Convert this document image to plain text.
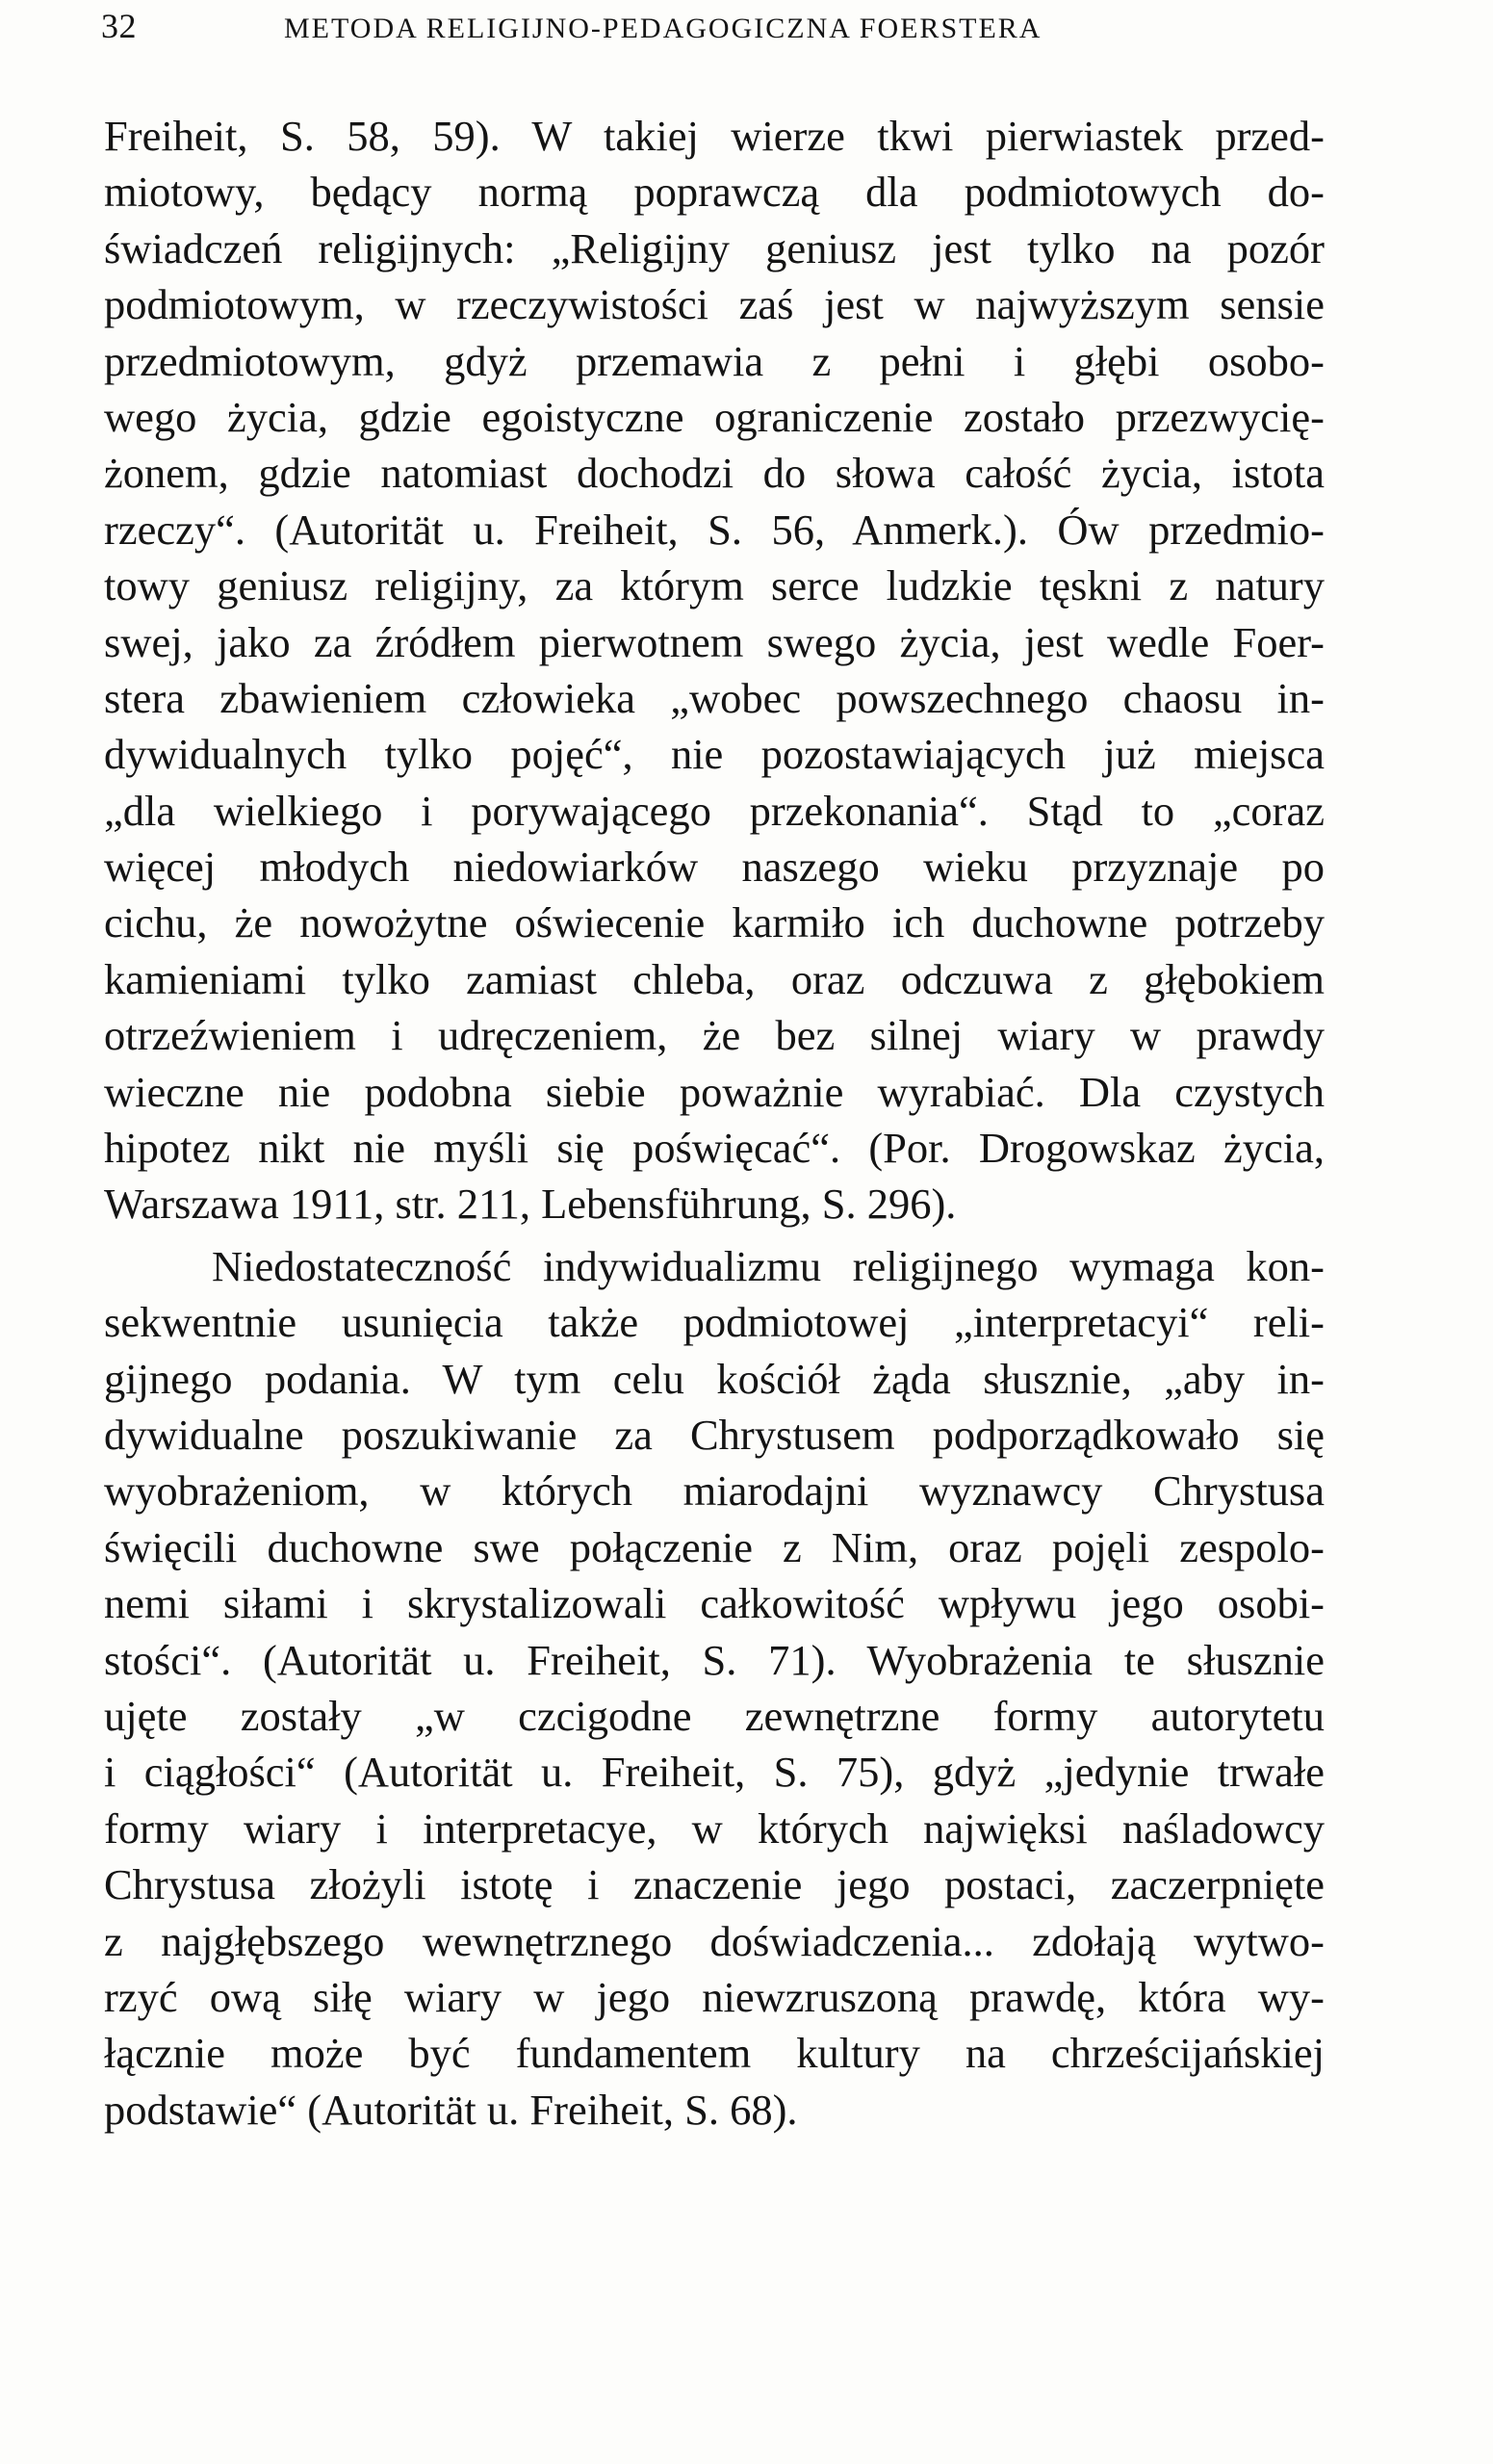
32	METODA RELIGIJNO-PEDAGOGICZNA FOERSTERA
Freiheit, S. 58, 59). W takiej wierze tkwi pierwiastek przed-
miotowy, będący normą poprawczą dla podmiotowych do-
świadczeń religijnych: „Religijny geniusz jest tylko na pozór
podmiotowym, w rzeczywistości zaś jest w najwyższym sensie
przedmiotowym, gdyż przemawia z pełni i głębi osobo-
wego życia, gdzie egoistyczne ograniczenie zostało przezwycię-
żonem, gdzie natomiast dochodzi do słowa całość życia, istota
rzeczy“. (Autorität u. Freiheit, S. 56, Anmerk.). Ów przedmio-
towy geniusz religijny, za którym serce ludzkie tęskni z natury
swej, jako za źródłem pierwotnem swego życia, jest wedle Foer-
stera zbawieniem człowieka „wobec powszechnego chaosu in-
dywidualnych tylko pojęć“, nie pozostawiających już miejsca
„dla wielkiego i porywającego przekonania“. Stąd to „coraz
więcej młodych niedowiarków naszego wieku przyznaje po
cichu, że nowożytne oświecenie karmiło ich duchowne potrzeby
kamieniami tylko zamiast chleba, oraz odczuwa z głębokiem
otrzeźwieniem i udręczeniem, że bez silnej wiary w prawdy
wieczne nie podobna siebie poważnie wyrabiać. Dla czystych
hipotez nikt nie myśli się poświęcać“. (Por. Drogowskaz życia,
Warszawa 1911, str. 211, Lebensführung, S. 296).
Niedostateczność indywidualizmu religijnego wymaga kon-
sekwentnie usunięcia także podmiotowej „interpretacyi“ reli-
gijnego podania. W tym celu kościół żąda słusznie, „aby in-
dywidualne poszukiwanie za Chrystusem podporządkowało się
wyobrażeniom, w których miarodajni wyznawcy Chrystusa
święcili duchowne swe połączenie z Nim, oraz pojęli zespolo-
nemi siłami i skrystalizowali całkowitość wpływu jego osobi-
stości“. (Autorität u. Freiheit, S. 71). Wyobrażenia te słusznie
ujęte zostały „w czcigodne zewnętrzne formy autorytetu
i ciągłości“ (Autorität u. Freiheit, S. 75), gdyż „jedynie trwałe
formy wiary i interpretacye, w których najwięksi naśladowcy
Chrystusa złożyli istotę i znaczenie jego postaci, zaczerpnięte
z najgłębszego wewnętrznego doświadczenia... zdołają wytwo-
rzyć ową siłę wiary w jego niewzruszoną prawdę, która wy-
łącznie może być fundamentem kultury na chrześcijańskiej
podstawie“ (Autorität u. Freiheit, S. 68).
